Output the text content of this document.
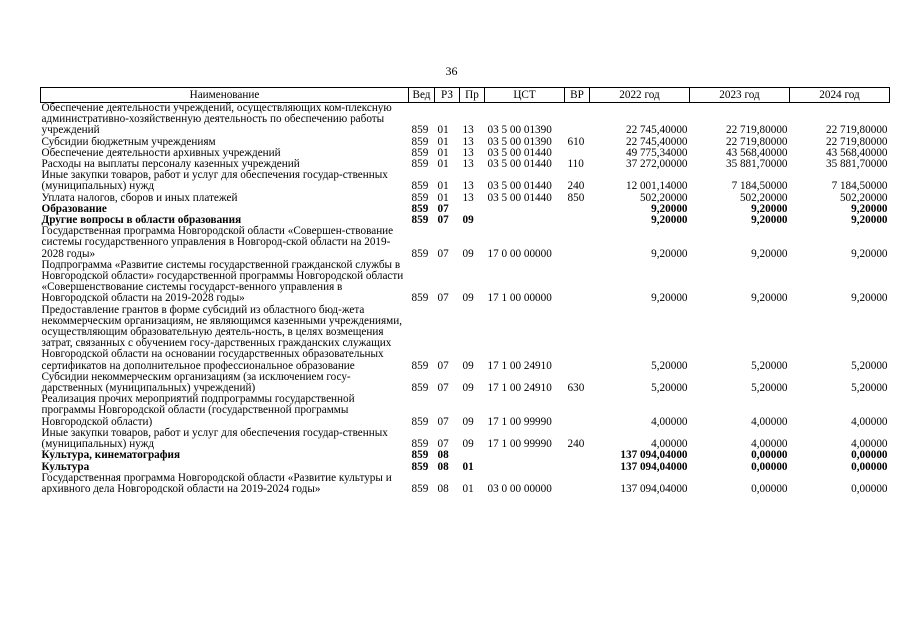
36
Наименование	Вед	РЗ	Пр	ЦСТ	ВР	2022 год	2023 год	2024 год
Обеспечение деятельности учреждений, осуществляющих ком-плексную административно-хозяйственную деятельность по обеспечению работы учреждений	859	01	13	03 5 00 01390		22 745,40000	22 719,80000	22 719,80000
Субсидии бюджетным учреждениям	859	01	13	03 5 00 01390	610	22 745,40000	22 719,80000	22 719,80000
Обеспечение деятельности архивных учреждений	859	01	13	03 5 00 01440		49 775,34000	43 568,40000	43 568,40000
Расходы на выплаты персоналу казенных учреждений	859	01	13	03 5 00 01440	110	37 272,00000	35 881,70000	35 881,70000
Иные закупки товаров, работ и услуг для обеспечения государ-ственных (муниципальных) нужд	859	01	13	03 5 00 01440	240	12 001,14000	7 184,50000	7 184,50000
Уплата налогов, сборов и иных платежей	859	01	13	03 5 00 01440	850	502,20000	502,20000	502,20000
Образование	859	07				9,20000	9,20000	9,20000
Другие вопросы в области образования	859	07	09			9,20000	9,20000	9,20000
Государственная программа Новгородской области «Совершен-ствование системы государственного управления в Новгород-ской области на 2019-2028 годы»	859	07	09	17 0 00 00000		9,20000	9,20000	9,20000
Подпрограмма «Развитие системы государственной гражданской службы в Новгородской области» государственной программы Новгородской области «Совершенствование системы государст-венного управления в Новгородской области на 2019-2028 годы»	859	07	09	17 1 00 00000		9,20000	9,20000	9,20000
Предоставление грантов в форме субсидий из областного бюд-жета некоммерческим организациям, не являющимся казенными учреждениями, осуществляющим образовательную деятель-ность, в целях возмещения затрат, связанных с обучением госу-дарственных гражданских служащих Новгородской области на основании государственных образовательных сертификатов на дополнительное профессиональное образование	859	07	09	17 1 00 24910		5,20000	5,20000	5,20000
Субсидии некоммерческим организациям (за исключением госу-дарственных (муниципальных) учреждений)	859	07	09	17 1 00 24910	630	5,20000	5,20000	5,20000
Реализация прочих мероприятий подпрограммы государственной программы Новгородской области (государственной программы Новгородской области)	859	07	09	17 1 00 99990		4,00000	4,00000	4,00000
Иные закупки товаров, работ и услуг для обеспечения государ-ственных (муниципальных) нужд	859	07	09	17 1 00 99990	240	4,00000	4,00000	4,00000
Культура, кинематография	859	08				137 094,04000	0,00000	0,00000
Культура	859	08	01			137 094,04000	0,00000	0,00000
Государственная программа Новгородской области «Развитие культуры и архивного дела Новгородской области на 2019-2024 годы»	859	08	01	03 0 00 00000		137 094,04000	0,00000	0,00000
